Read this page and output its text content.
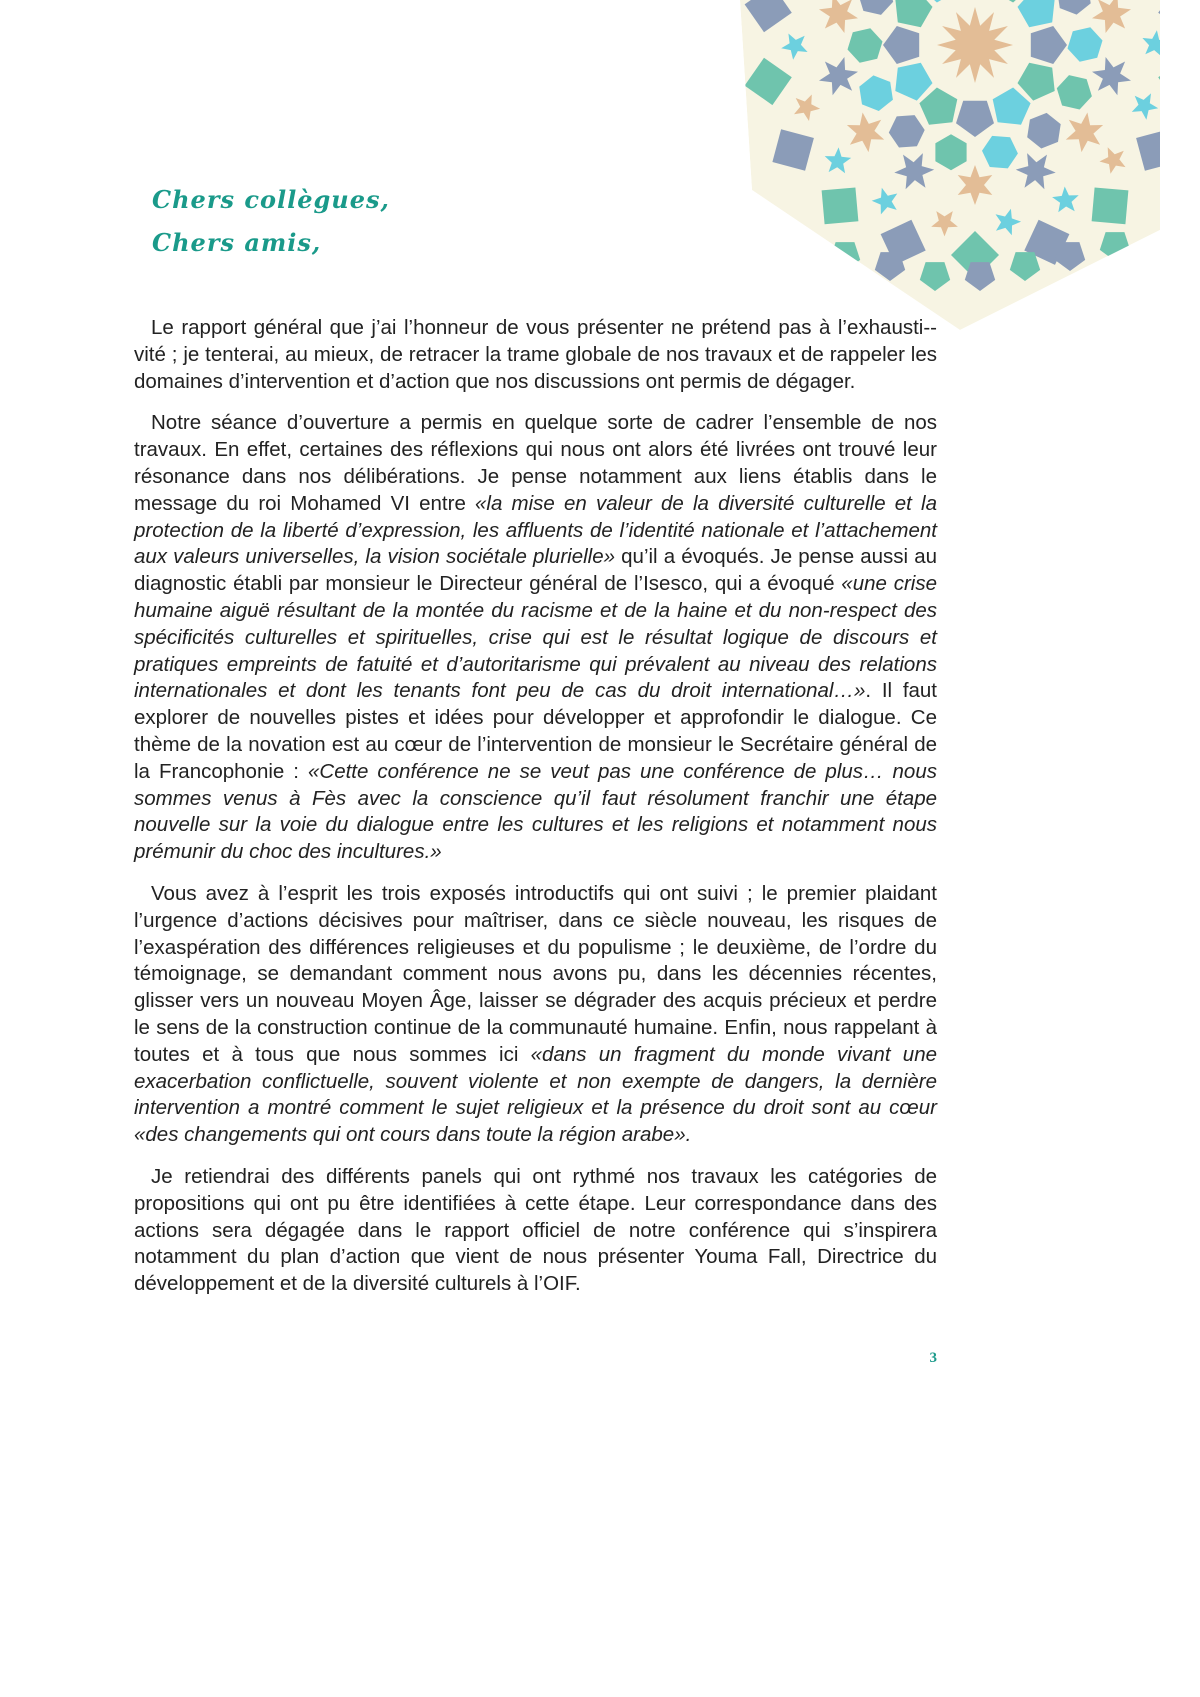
Chers collègues,
Chers amis,

Le rapport général que j’ai l’honneur de vous présenter ne prétend pas à l’exhausti-vité ; je tenterai, au mieux, de retracer la trame globale de nos travaux et de rappeler les domaines d’intervention et d’action que nos discussions ont permis de dégager.

Notre séance d’ouverture a permis en quelque sorte de cadrer l’ensemble de nos travaux. En effet, certaines des réflexions qui nous ont alors été livrées ont trouvé leur résonance dans nos délibérations. Je pense notamment aux liens établis dans le message du roi Mohamed VI entre «la mise en valeur de la diversité culturelle et la protection de la liberté d’expression, les affluents de l’identité nationale et l’attachement aux valeurs universelles, la vision sociétale plurielle» qu’il a évoqués. Je pense aussi au diagnostic établi par monsieur le Directeur général de l’Isesco, qui a évoqué «une crise humaine aiguë résultant de la montée du racisme et de la haine et du non-respect des spécificités culturelles et spirituelles, crise qui est le résultat logique de discours et pratiques empreints de fatuité et d’autoritarisme qui prévalent au niveau des relations internationales et dont les tenants font peu de cas du droit international…». Il faut explorer de nouvelles pistes et idées pour développer et approfondir le dialogue. Ce thème de la novation est au cœur de l’intervention de monsieur le Secrétaire général de la Francophonie : «Cette conférence ne se veut pas une conférence de plus… nous sommes venus à Fès avec la conscience qu’il faut résolument franchir une étape nouvelle sur la voie du dialogue entre les cultures et les religions et notamment nous prémunir du choc des incultures.»

Vous avez à l’esprit les trois exposés introductifs qui ont suivi ; le premier plaidant l’urgence d’actions décisives pour maîtriser, dans ce siècle nouveau, les risques de l’exaspération des différences religieuses et du populisme ; le deuxième, de l’ordre du témoignage, se demandant comment nous avons pu, dans les décennies récentes, glisser vers un nouveau Moyen Âge, laisser se dégrader des acquis précieux et perdre le sens de la construction continue de la communauté humaine. Enfin, nous rappelant à toutes et à tous que nous sommes ici «dans un fragment du monde vivant une exacerbation conflictuelle, souvent violente et non exempte de dangers, la dernière intervention a montré comment le sujet religieux et la présence du droit sont au cœur «des changements qui ont cours dans toute la région arabe».

Je retiendrai des différents panels qui ont rythmé nos travaux les catégories de propositions qui ont pu être identifiées à cette étape. Leur correspondance dans des actions sera dégagée dans le rapport officiel de notre conférence qui s’inspirera notamment du plan d’action que vient de nous présenter Youma Fall, Directrice du développement et de la diversité culturels à l’OIF.

3
